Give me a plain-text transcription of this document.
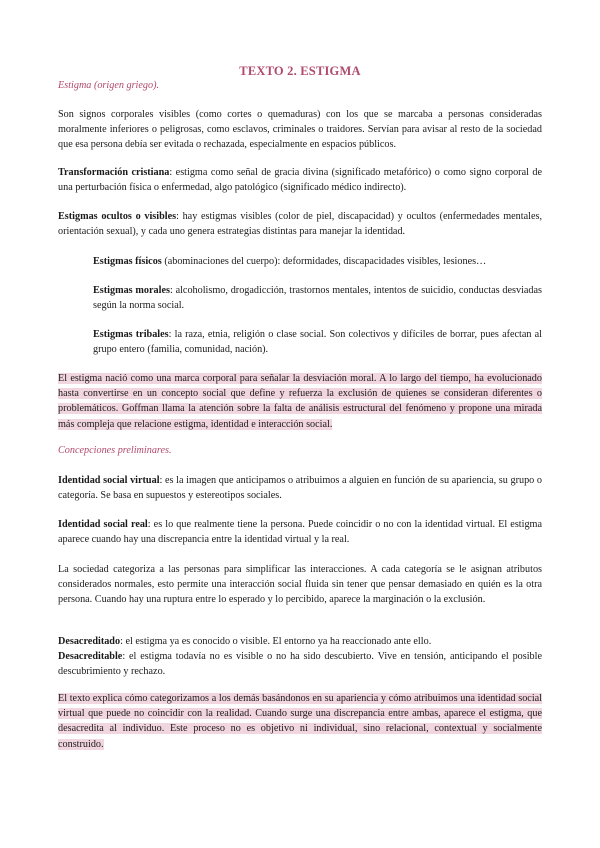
TEXTO 2. ESTIGMA
Estigma (origen griego).

Son signos corporales visibles (como cortes o quemaduras) con los que se marcaba a personas consideradas moralmente inferiores o peligrosas, como esclavos, criminales o traidores. Servían para avisar al resto de la sociedad que esa persona debía ser evitada o rechazada, especialmente en espacios públicos.

Transformación cristiana: estigma como señal de gracia divina (significado metafórico) o como signo corporal de una perturbación física o enfermedad, algo patológico (significado médico indirecto).

Estigmas ocultos o visibles: hay estigmas visibles (color de piel, discapacidad) y ocultos (enfermedades mentales, orientación sexual), y cada uno genera estrategias distintas para manejar la identidad.

Estigmas físicos (abominaciones del cuerpo): deformidades, discapacidades visibles, lesiones…

Estigmas morales: alcoholismo, drogadicción, trastornos mentales, intentos de suicidio, conductas desviadas según la norma social.

Estigmas tribales: la raza, etnia, religión o clase social. Son colectivos y difíciles de borrar, pues afectan al grupo entero (familia, comunidad, nación).

El estigma nació como una marca corporal para señalar la desviación moral. A lo largo del tiempo, ha evolucionado hasta convertirse en un concepto social que define y refuerza la exclusión de quienes se consideran diferentes o problemáticos. Goffman llama la atención sobre la falta de análisis estructural del fenómeno y propone una mirada más compleja que relacione estigma, identidad e interacción social.

Concepciones preliminares.

Identidad social virtual: es la imagen que anticipamos o atribuimos a alguien en función de su apariencia, su grupo o categoría. Se basa en supuestos y estereotipos sociales.

Identidad social real: es lo que realmente tiene la persona. Puede coincidir o no con la identidad virtual. El estigma aparece cuando hay una discrepancia entre la identidad virtual y la real.

La sociedad categoriza a las personas para simplificar las interacciones. A cada categoría se le asignan atributos considerados normales, esto permite una interacción social fluida sin tener que pensar demasiado en quién es la otra persona. Cuando hay una ruptura entre lo esperado y lo percibido, aparece la marginación o la exclusión.

Desacreditado: el estigma ya es conocido o visible. El entorno ya ha reaccionado ante ello.
Desacreditable: el estigma todavía no es visible o no ha sido descubierto. Vive en tensión, anticipando el posible descubrimiento y rechazo.

El texto explica cómo categorizamos a los demás basándonos en su apariencia y cómo atribuimos una identidad social virtual que puede no coincidir con la realidad. Cuando surge una discrepancia entre ambas, aparece el estigma, que desacredita al individuo. Este proceso no es objetivo ni individual, sino relacional, contextual y socialmente construido.
